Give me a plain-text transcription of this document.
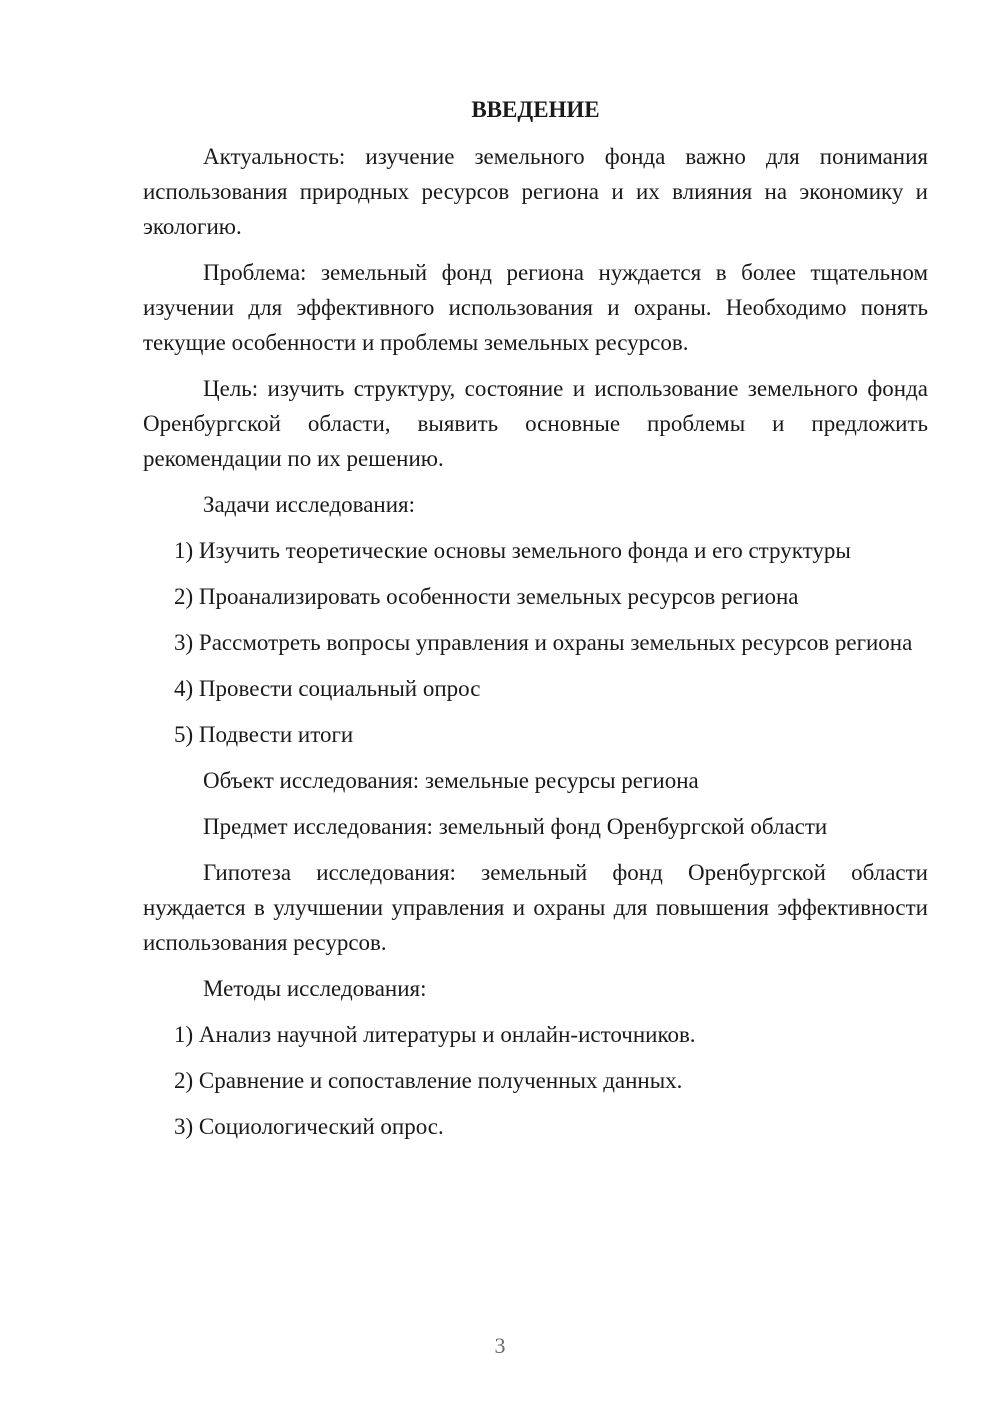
ВВЕДЕНИЕ

Актуальность: изучение земельного фонда важно для понимания использования природных ресурсов региона и их влияния на экономику и экологию.

Проблема: земельный фонд региона нуждается в более тщательном изучении для эффективного использования и охраны. Необходимо понять текущие особенности и проблемы земельных ресурсов.

Цель: изучить структуру, состояние и использование земельного фонда Оренбургской области, выявить основные проблемы и предложить рекомендации по их решению.

Задачи исследования:

1) Изучить теоретические основы земельного фонда и его структуры

2) Проанализировать особенности земельных ресурсов региона

3) Рассмотреть вопросы управления и охраны земельных ресурсов региона

4) Провести социальный опрос

5) Подвести итоги

Объект исследования: земельные ресурсы региона

Предмет исследования: земельный фонд Оренбургской области

Гипотеза исследования: земельный фонд Оренбургской области нуждается в улучшении управления и охраны для повышения эффективности использования ресурсов.

Методы исследования:

1) Анализ научной литературы и онлайн-источников.

2) Сравнение и сопоставление полученных данных.

3) Социологический опрос.

3
